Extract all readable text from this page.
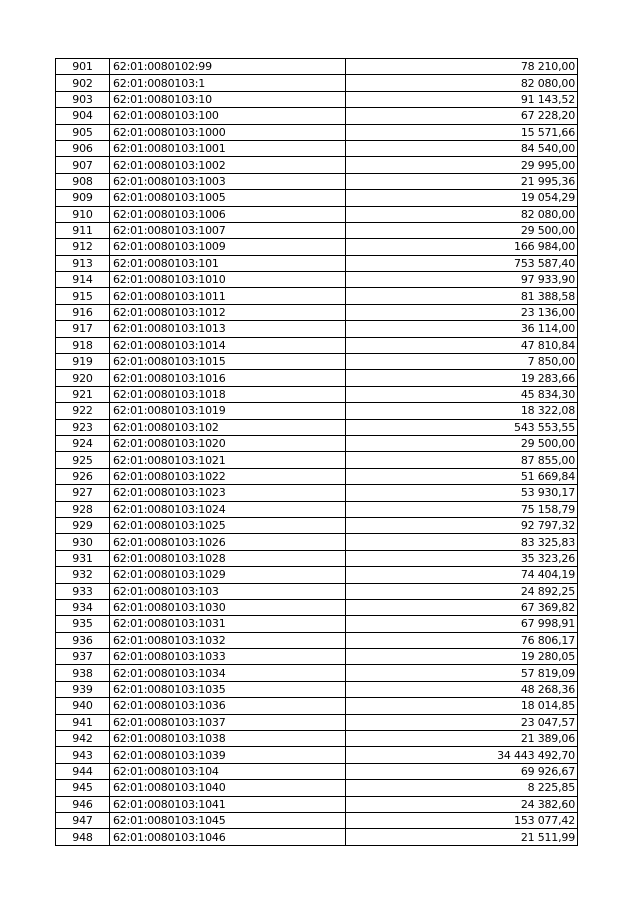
901	62:01:0080102:99	78 210,00
902	62:01:0080103:1	82 080,00
903	62:01:0080103:10	91 143,52
904	62:01:0080103:100	67 228,20
905	62:01:0080103:1000	15 571,66
906	62:01:0080103:1001	84 540,00
907	62:01:0080103:1002	29 995,00
908	62:01:0080103:1003	21 995,36
909	62:01:0080103:1005	19 054,29
910	62:01:0080103:1006	82 080,00
911	62:01:0080103:1007	29 500,00
912	62:01:0080103:1009	166 984,00
913	62:01:0080103:101	753 587,40
914	62:01:0080103:1010	97 933,90
915	62:01:0080103:1011	81 388,58
916	62:01:0080103:1012	23 136,00
917	62:01:0080103:1013	36 114,00
918	62:01:0080103:1014	47 810,84
919	62:01:0080103:1015	7 850,00
920	62:01:0080103:1016	19 283,66
921	62:01:0080103:1018	45 834,30
922	62:01:0080103:1019	18 322,08
923	62:01:0080103:102	543 553,55
924	62:01:0080103:1020	29 500,00
925	62:01:0080103:1021	87 855,00
926	62:01:0080103:1022	51 669,84
927	62:01:0080103:1023	53 930,17
928	62:01:0080103:1024	75 158,79
929	62:01:0080103:1025	92 797,32
930	62:01:0080103:1026	83 325,83
931	62:01:0080103:1028	35 323,26
932	62:01:0080103:1029	74 404,19
933	62:01:0080103:103	24 892,25
934	62:01:0080103:1030	67 369,82
935	62:01:0080103:1031	67 998,91
936	62:01:0080103:1032	76 806,17
937	62:01:0080103:1033	19 280,05
938	62:01:0080103:1034	57 819,09
939	62:01:0080103:1035	48 268,36
940	62:01:0080103:1036	18 014,85
941	62:01:0080103:1037	23 047,57
942	62:01:0080103:1038	21 389,06
943	62:01:0080103:1039	34 443 492,70
944	62:01:0080103:104	69 926,67
945	62:01:0080103:1040	8 225,85
946	62:01:0080103:1041	24 382,60
947	62:01:0080103:1045	153 077,42
948	62:01:0080103:1046	21 511,99
